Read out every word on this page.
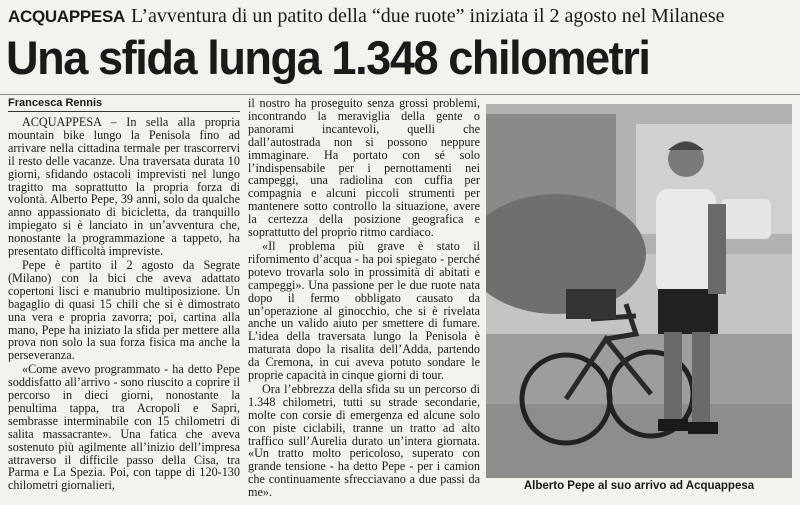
ACQUAPPESA L’avventura di un patito della “due ruote” iniziata il 2 agosto nel Milanese
Una sfida lunga 1.348 chilometri
Francesca Rennis

ACQUAPPESA – In sella alla propria mountain bike lungo la Penisola fino ad arrivare nella cittadina termale per trascorrervi il resto delle vacanze. Una traversata durata 10 giorni, sfidando ostacoli imprevisti nel lungo tragitto ma soprattutto la propria forza di volontà. Alberto Pepe, 39 anni, solo da qualche anno appassionato di bicicletta, da tranquillo impiegato si è lanciato in un’avventura che, nonostante la programmazione a tappeto, ha presentato difficoltà impreviste.

Pepe è partito il 2 agosto da Segrate (Milano) con la bici che aveva adattato copertoni lisci e manubrio multiposizione. Un bagaglio di quasi 15 chili che si è dimostrato una vera e propria zavorra; poi, cartina alla mano, Pepe ha iniziato la sfida per mettere alla prova non solo la sua forza fisica ma anche la perseveranza.

«Come avevo programmato - ha detto Pepe soddisfatto all’arrivo - sono riuscito a coprire il percorso in dieci giorni, nonostante la penultima tappa, tra Acropoli e Sapri, sembrasse interminabile con 15 chilometri di salita massacrante». Una fatica che aveva sostenuto più agilmente all’inizio dell’impresa attraverso il difficile passo della Cisa, tra Parma e La Spezia. Poi, con tappe di 120-130 chilometri giornalieri,

il nostro ha proseguito senza grossi problemi, incontrando la meraviglia della gente o panorami incantevoli, quelli che dall’autostrada non si possono neppure immaginare. Ha portato con sé solo l’indispensabile per i pernottamenti nei campeggi, una radiolina con cuffia per compagnia e alcuni piccoli strumenti per mantenere sotto controllo la situazione, avere la certezza della posizione geografica e soprattutto del proprio ritmo cardiaco.

«Il problema più grave è stato il rifornimento d’acqua - ha poi spiegato - perché potevo trovarla solo in prossimità di abitati e campeggi». Una passione per le due ruote nata dopo il fermo obbligato causato da un’operazione al ginocchio, che si è rivelata anche un valido aiuto per smettere di fumare. L’idea della traversata lungo la Penisola è maturata dopo la risalita dell’Adda, partendo da Cremona, in cui aveva potuto sondare le proprie capacità in cinque giorni di tour.

Ora l’ebbrezza della sfida su un percorso di 1.348 chilometri, tutti su strade secondarie, molte con corsie di emergenza ed alcune solo con piste ciclabili, tranne un tratto ad alto traffico sull’Aurelia durato un’intera giornata. «Un tratto molto pericoloso, superato con grande tensione - ha detto Pepe - per i camion che continuamente sfrecciavano a due passi da me».	Alberto Pepe al suo arrivo ad Acquappesa
